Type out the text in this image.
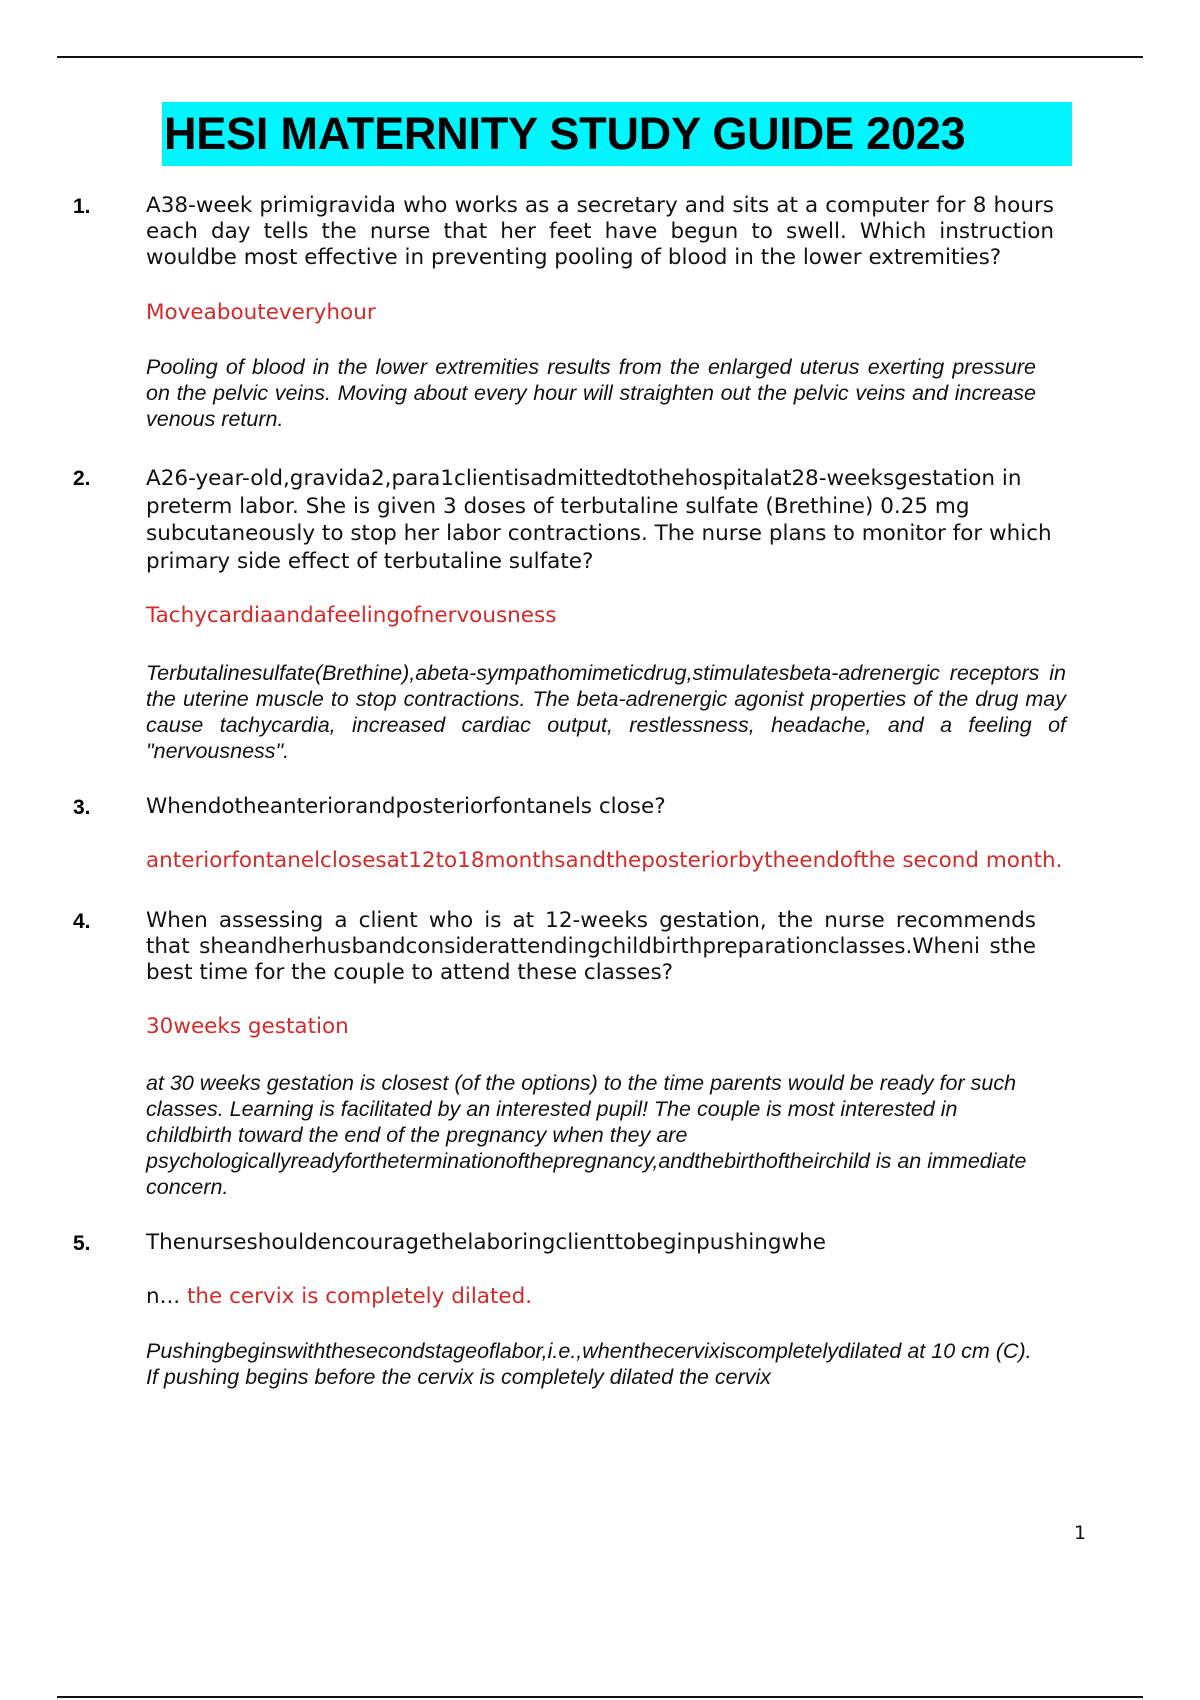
HESI MATERNITY STUDY GUIDE 2023
1.	A38-week primigravida who works as a secretary and sits at a computer for 8 hours each day tells the nurse that her feet have begun to swell. Which instruction wouldbe most effective in preventing pooling of blood in the lower extremities?

Moveabouteveryhour

Pooling of blood in the lower extremities results from the enlarged uterus exerting pressure on the pelvic veins. Moving about every hour will straighten out the pelvic veins and increase venous return.

2.	A26-year-old,gravida2,para1clientisadmittedtothehospitalat28-weeksgestation in preterm labor. She is given 3 doses of terbutaline sulfate (Brethine) 0.25 mg subcutaneously to stop her labor contractions. The nurse plans to monitor for which primary side effect of terbutaline sulfate?

Tachycardiaandafeelingofnervousness

Terbutalinesulfate(Brethine),abeta-sympathomimeticdrug,stimulatesbeta-adrenergic receptors in the uterine muscle to stop contractions. The beta-adrenergic agonist properties of the drug may cause tachycardia, increased cardiac output, restlessness, headache, and a feeling of "nervousness".

3.	Whendotheanteriorandposteriorfontanels close?

anteriorfontanelclosesat12to18monthsandtheposteriorbytheendofthe second month.

4.	When assessing a client who is at 12-weeks gestation, the nurse recommends that sheandherhusbandconsiderattendingchildbirthpreparationclasses.Wheni sthe best time for the couple to attend these classes?

30weeks gestation

at 30 weeks gestation is closest (of the options) to the time parents would be ready for such classes. Learning is facilitated by an interested pupil! The couple is most interested in childbirth toward the end of the pregnancy when they are psychologicallyreadyfortheterminationofthepregnancy,andthebirthoftheirchild is an immediate concern.

5.	Thenurseshouldencouragethelaboringclienttobeginpushingwhe

n... the cervix is completely dilated.

Pushingbeginswiththesecondstageoflabor,i.e.,whenthecervixiscompletelydilated at 10 cm (C). If pushing begins before the cervix is completely dilated the cervix

1
